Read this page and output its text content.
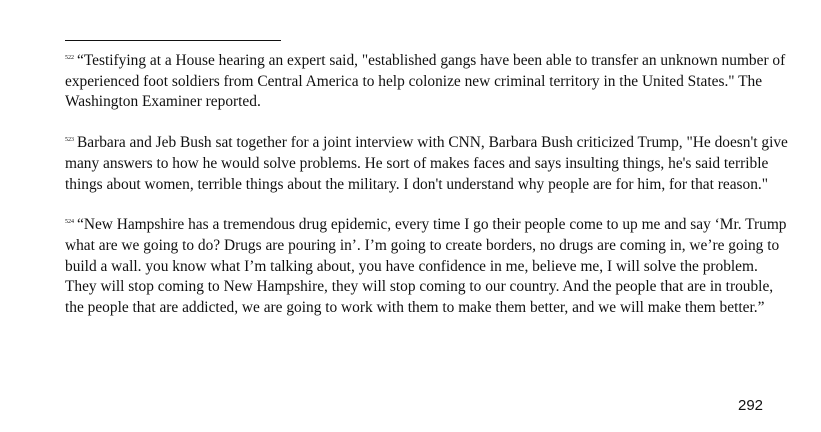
$^{522}$ “Testifying at a House hearing an expert said, "established gangs have been able to transfer an unknown number of experienced foot soldiers from Central America to help colonize new criminal territory in the United States." The Washington Examiner reported.

$^{523}$ Barbara and Jeb Bush sat together for a joint interview with CNN, Barbara Bush criticized Trump, "He doesn't give many answers to how he would solve problems. He sort of makes faces and says insulting things, he's said terrible things about women, terrible things about the military. I don't understand why people are for him, for that reason."

$^{524}$ “New Hampshire has a tremendous drug epidemic, every time I go their people come to up me and say ‘Mr. Trump what are we going to do? Drugs are pouring in’. I’m going to create borders, no drugs are coming in, we’re going to build a wall. you know what I’m talking about, you have confidence in me, believe me, I will solve the problem. They will stop coming to New Hampshire, they will stop coming to our country. And the people that are in trouble, the people that are addicted, we are going to work with them to make them better, and we will make them better.”

292
